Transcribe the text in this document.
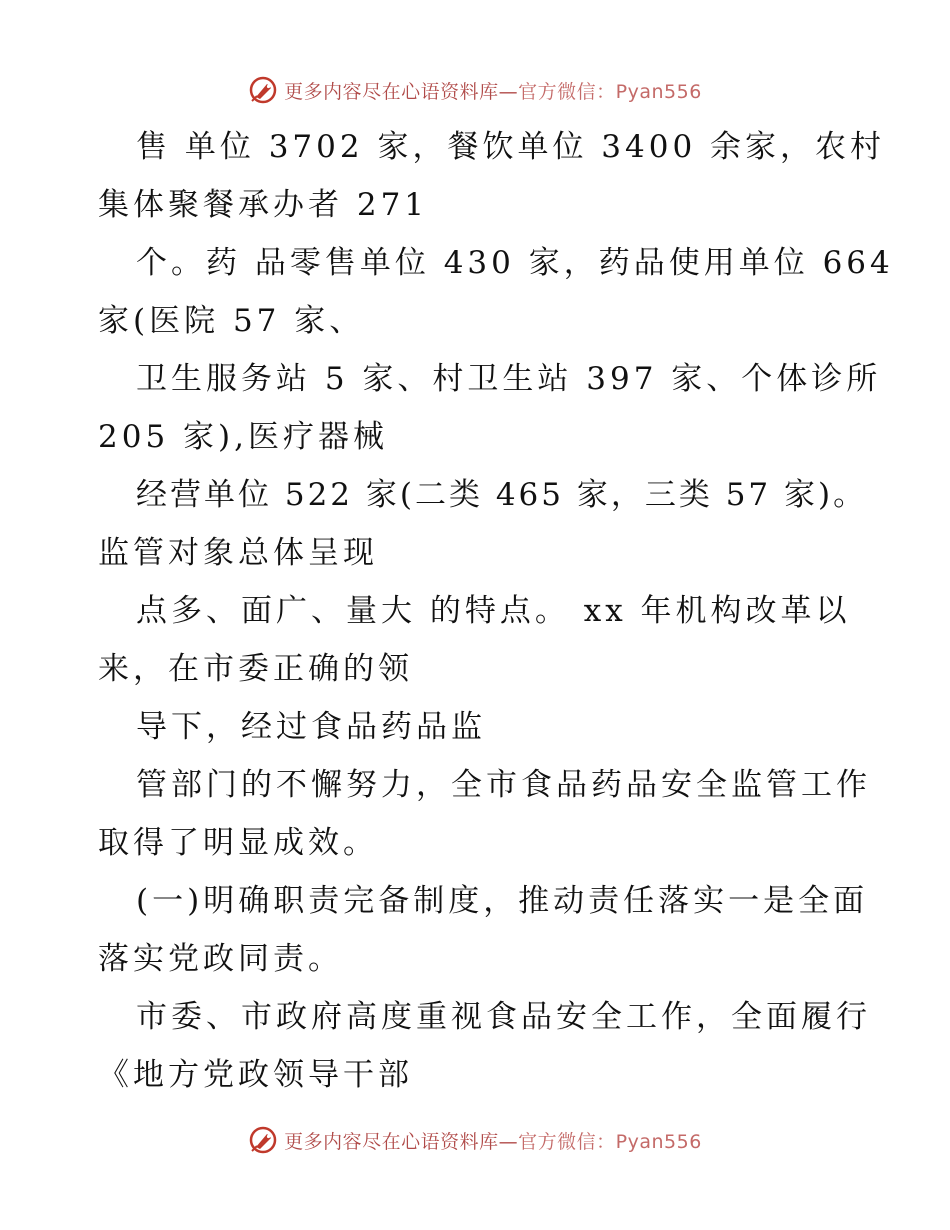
更多内容尽在心语资料库—官方微信：Pyan556
售 单位 3702 家，餐饮单位 3400 余家，农村
集体聚餐承办者 271
个。药 品零售单位 430 家，药品使用单位 664
家(医院 57 家、
卫生服务站 5 家、村卫生站 397 家、个体诊所
205 家),医疗器械
经营单位 522 家(二类 465 家，三类 57 家)。
监管对象总体呈现
点多、面广、量大 的特点。 xx 年机构改革以
来，在市委正确的领
导下，经过食品药品监
管部门的不懈努力，全市食品药品安全监管工作
取得了明显成效。
(一)明确职责完备制度，推动责任落实一是全面
落实党政同责。
市委、市政府高度重视食品安全工作，全面履行
《地方党政领导干部
更多内容尽在心语资料库—官方微信：Pyan556
